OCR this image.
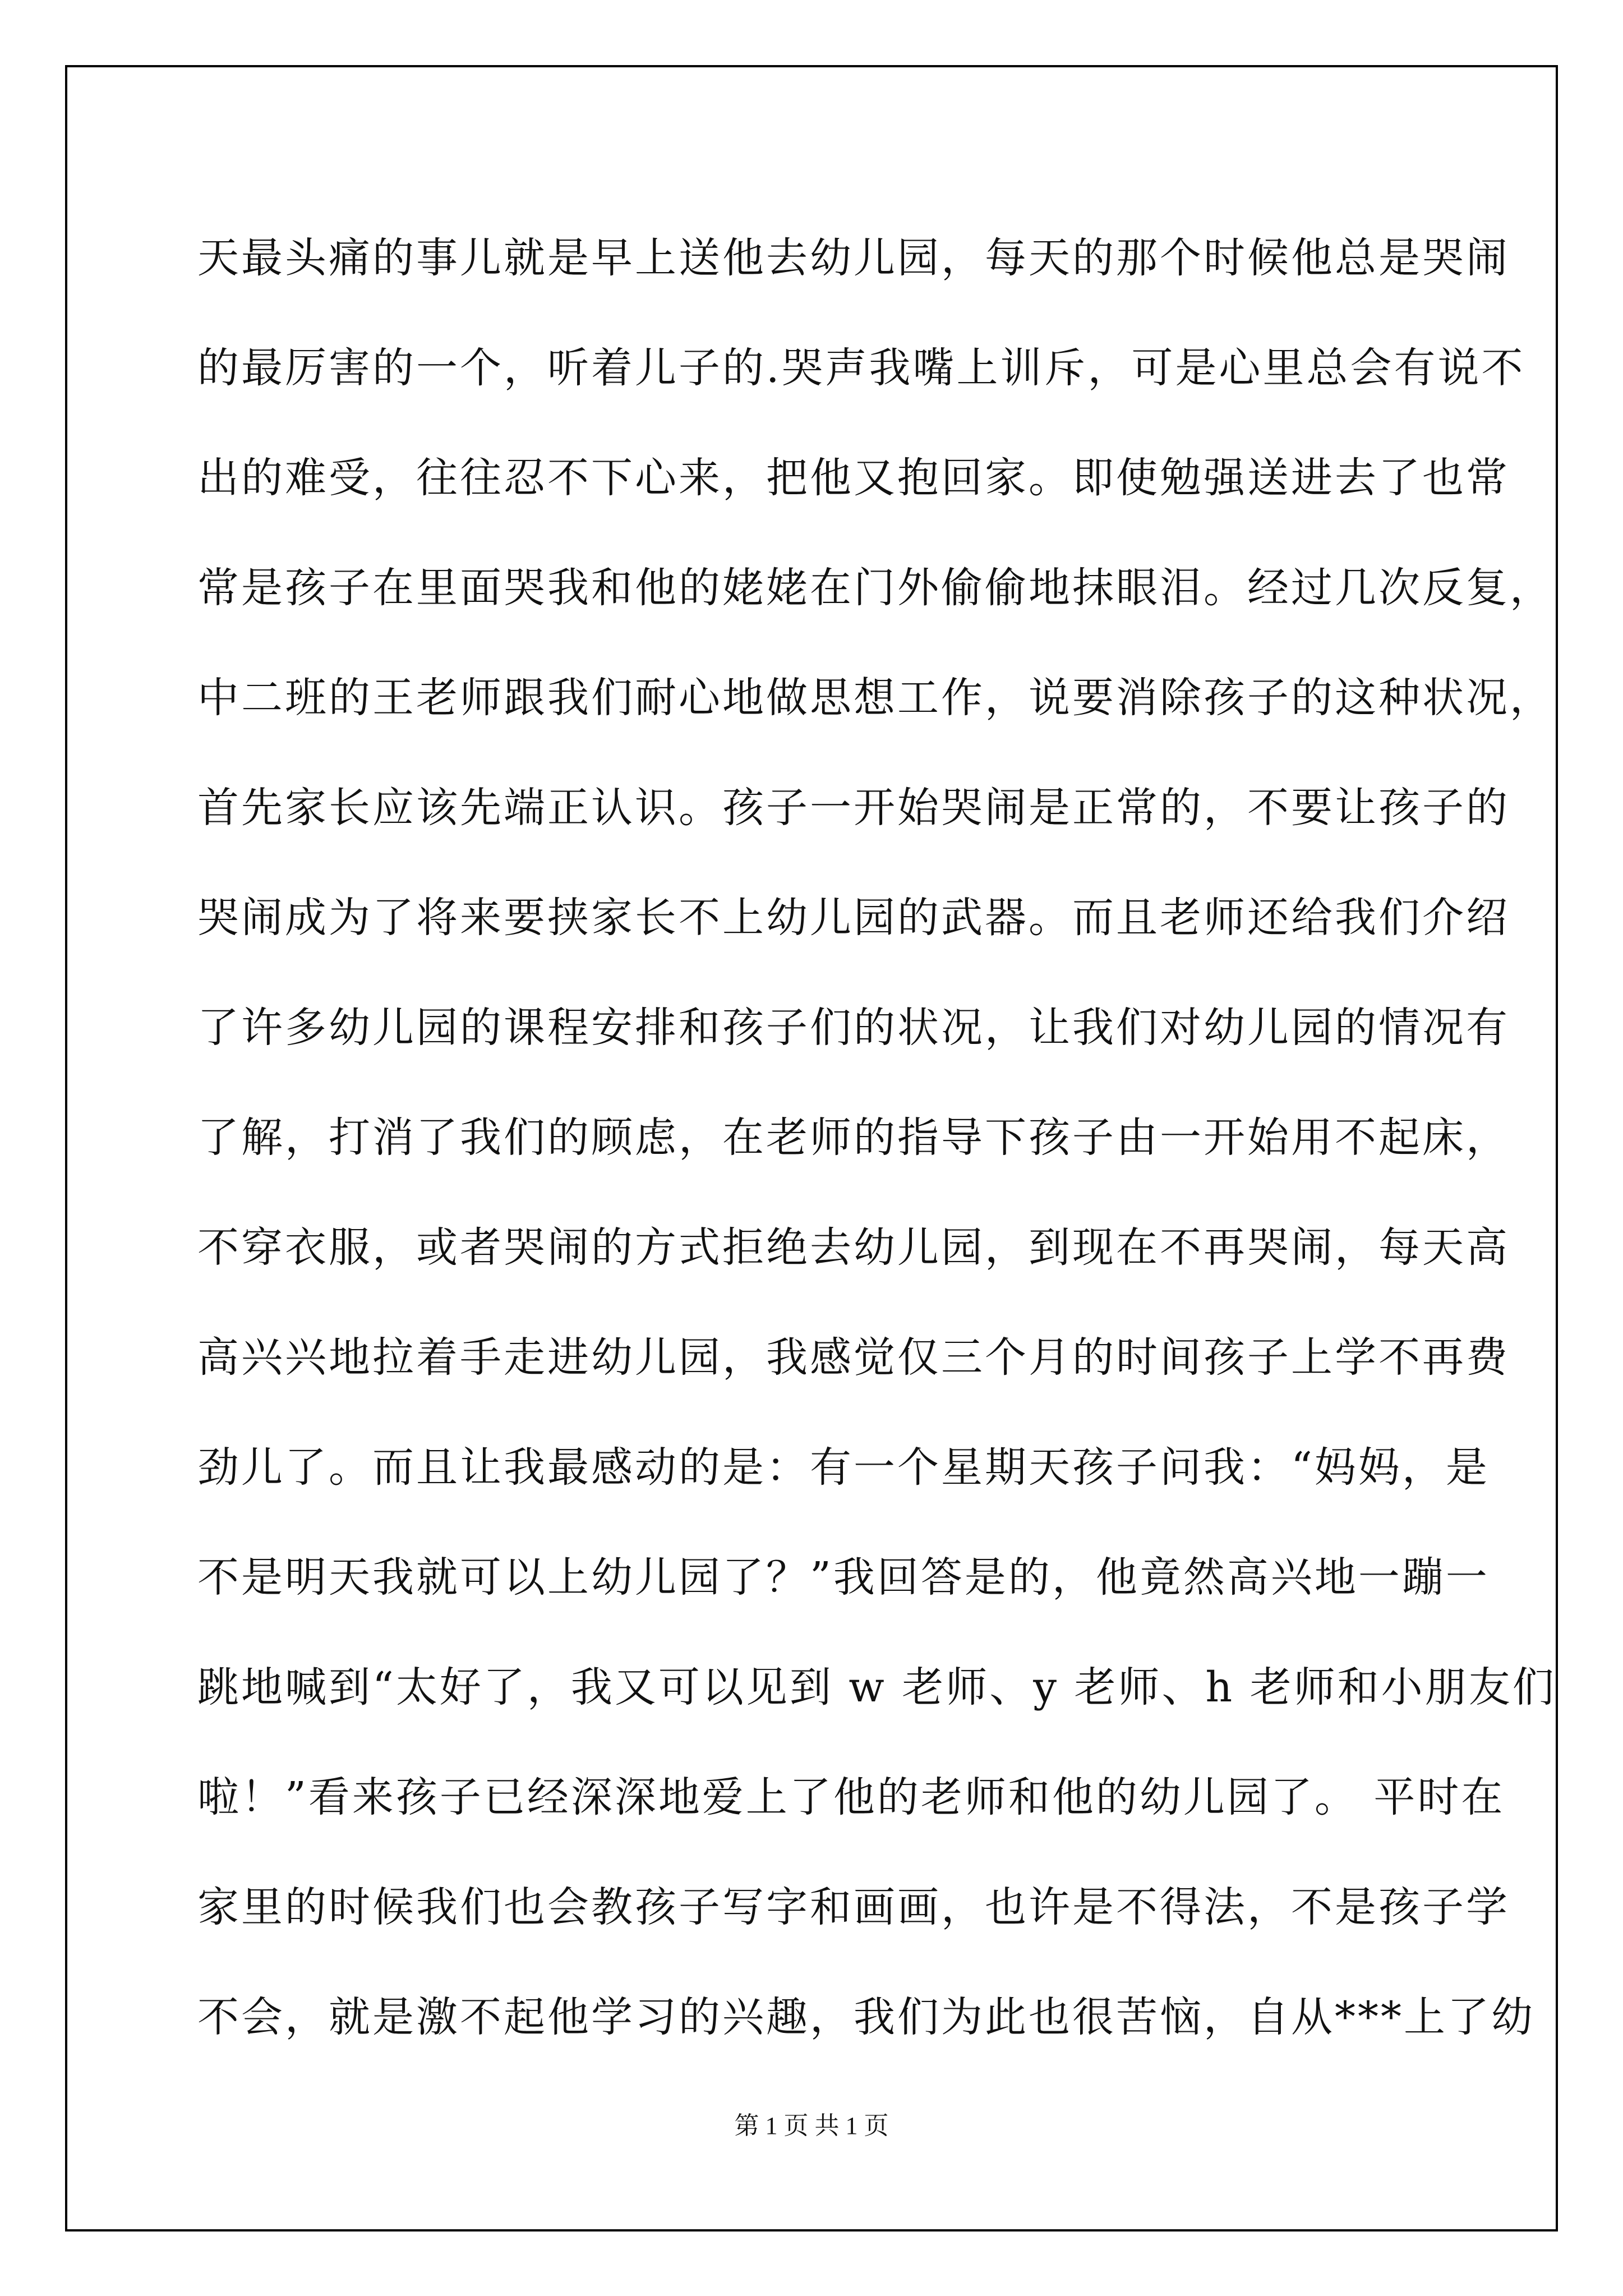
天最头痛的事儿就是早上送他去幼儿园，每天的那个时候他总是哭闹
的最厉害的一个，听着儿子的.哭声我嘴上训斥，可是心里总会有说不
出的难受，往往忍不下心来，把他又抱回家。即使勉强送进去了也常
常是孩子在里面哭我和他的姥姥在门外偷偷地抹眼泪。经过几次反复，
中二班的王老师跟我们耐心地做思想工作，说要消除孩子的这种状况，
首先家长应该先端正认识。孩子一开始哭闹是正常的，不要让孩子的
哭闹成为了将来要挟家长不上幼儿园的武器。而且老师还给我们介绍
了许多幼儿园的课程安排和孩子们的状况，让我们对幼儿园的情况有
了解，打消了我们的顾虑，在老师的指导下孩子由一开始用不起床，
不穿衣服，或者哭闹的方式拒绝去幼儿园，到现在不再哭闹，每天高
高兴兴地拉着手走进幼儿园，我感觉仅三个月的时间孩子上学不再费
劲儿了。而且让我最感动的是：有一个星期天孩子问我：“妈妈，是
不是明天我就可以上幼儿园了？”我回答是的，他竟然高兴地一蹦一
跳地喊到“太好了，我又可以见到 w 老师、y 老师、h 老师和小朋友们
啦！”看来孩子已经深深地爱上了他的老师和他的幼儿园了。 平时在
家里的时候我们也会教孩子写字和画画，也许是不得法，不是孩子学
不会，就是激不起他学习的兴趣，我们为此也很苦恼，自从***上了幼
第 1 页 共 1 页
